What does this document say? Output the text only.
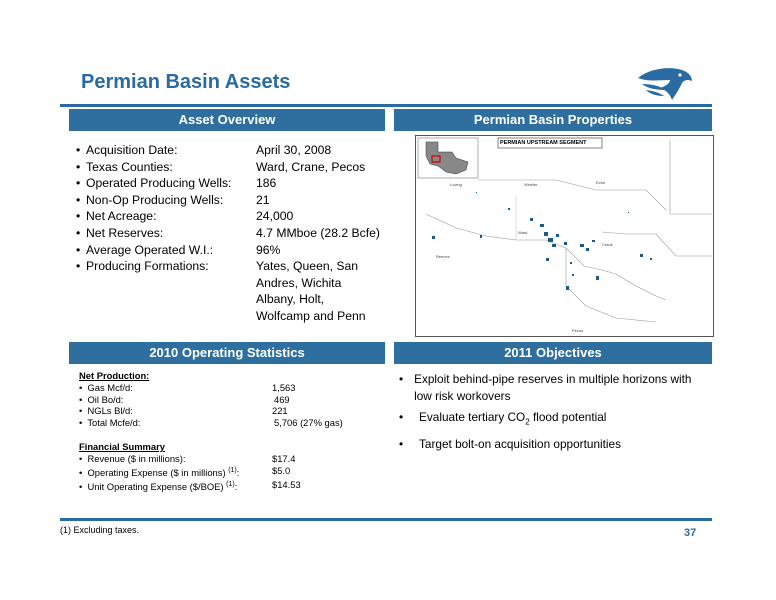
Permian Basin Assets
Asset Overview
• Acquisition Date:	April 30, 2008
• Texas Counties:	Ward, Crane, Pecos
• Operated Producing Wells:	186
• Non-Op Producing Wells:	21
• Net Acreage:	24,000
• Net Reserves:	4.7 MMboe (28.2 Bcfe)
• Average Operated W.I.:	96%
• Producing Formations:	Yates, Queen, San
Andres, Wichita
Albany, Holt,
Wolfcamp and Penn
Permian Basin Properties
Loving	Winkler	Ector
Ward
Crane
Reeves
Pecos
PERMIAN UPSTREAM SEGMENT
2010 Operating Statistics
Net Production:
•  Gas Mcf/d:	1,563
•  Oil Bo/d:	469
•  NGLs Bl/d:	221
•  Total Mcfe/d:	5,706 (27% gas)
Financial Summary
•  Revenue ($ in millions):	$17.4
•  Operating Expense ($ in millions) $^{(1)}$:	$5.0
•  Unit Operating Expense ($/BOE) $^{(1)}$:	$14.53
2011 Objectives
• Exploit behind-pipe reserves in multiple horizons with low risk workovers
•	Evaluate tertiary $CO_2$ flood potential
•	Target bolt-on acquisition opportunities
(1) Excluding taxes.	37
